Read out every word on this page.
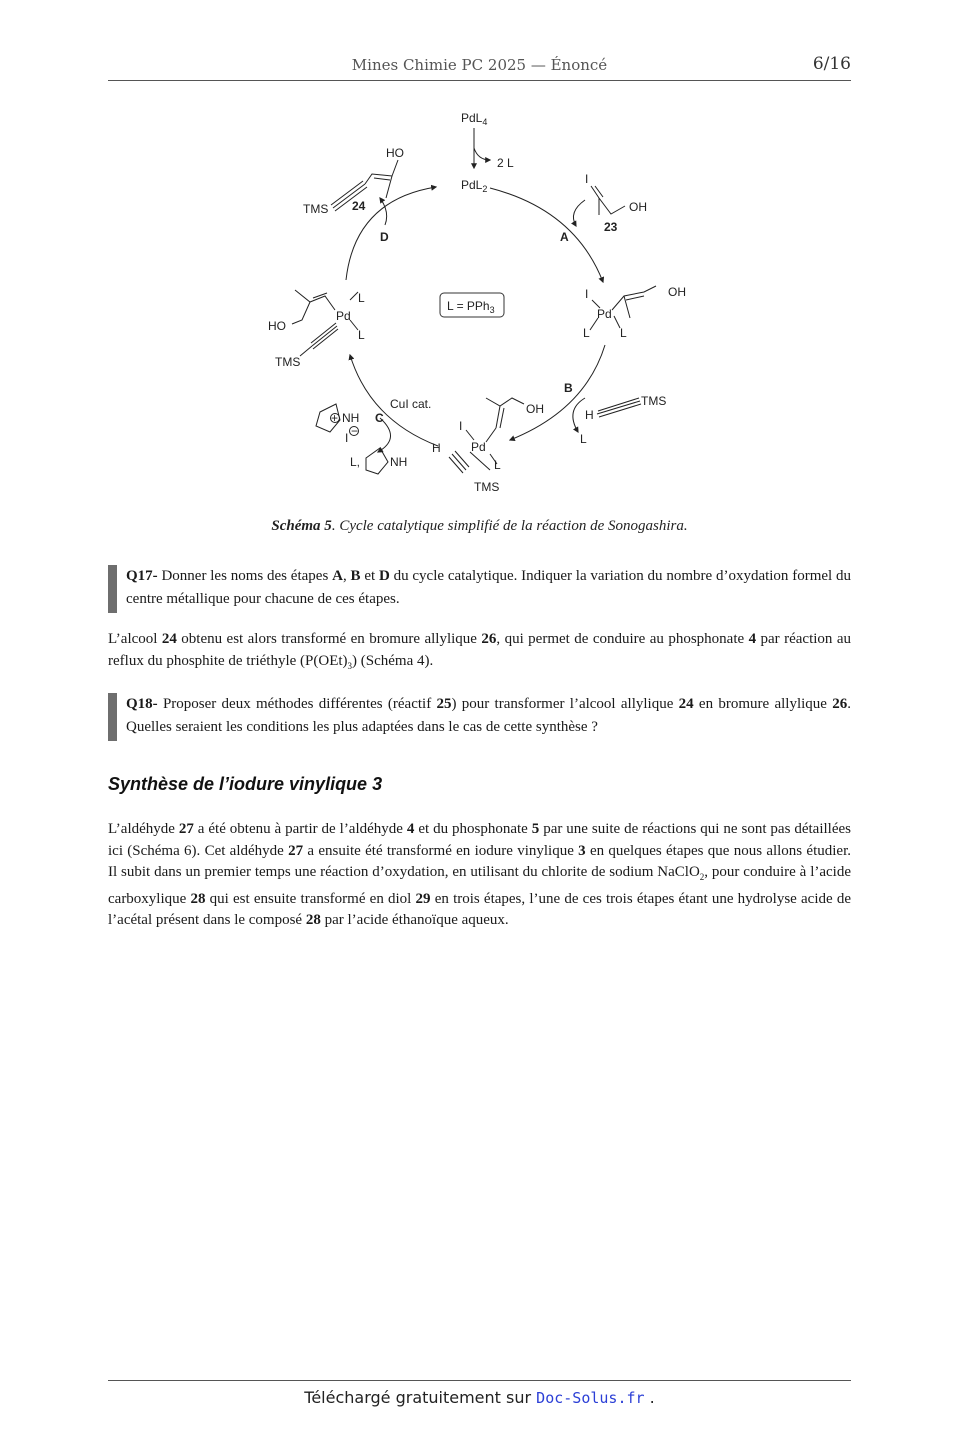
Mines Chimie PC 2025 — Énoncé	6/16
PdL$_4$
2 L
PdL$_2$
I
OH
23
A
I
Pd
OH
L	L
L = PPh$_3$
B
H
TMS
L
OH
I
Pd
H
L
TMS
CuI cat.
C
+ NH
−
I
L, NH
Pd
L
L
HO
TMS
D
HO
TMS 24
Schéma 5. Cycle catalytique simplifié de la réaction de Sonogashira.
Q17- Donner les noms des étapes A, B et D du cycle catalytique. Indiquer la variation du nombre d’oxydation formel du centre métallique pour chacune de ces étapes.
L’alcool 24 obtenu est alors transformé en bromure allylique 26, qui permet de conduire au phosphonate 4 par réaction au reflux du phosphite de triéthyle $(P(OEt)_3)$ (Schéma 4).
Q18- Proposer deux méthodes différentes (réactif 25) pour transformer l’alcool allylique 24 en bromure allylique 26. Quelles seraient les conditions les plus adaptées dans le cas de cette synthèse ?
Synthèse de l’iodure vinylique 3
L’aldéhyde 27 a été obtenu à partir de l’aldéhyde 4 et du phosphonate 5 par une suite de réactions qui ne sont pas détaillées ici (Schéma 6). Cet aldéhyde 27 a ensuite été transformé en iodure vinylique 3 en quelques étapes que nous allons étudier. Il subit dans un premier temps une réaction d’oxydation, en utilisant du chlorite de sodium NaClO$_2$, pour conduire à l’acide carboxylique 28 qui est ensuite transformé en diol 29 en trois étapes, l’une de ces trois étapes étant une hydrolyse acide de l’acétal présent dans le composé 28 par l’acide éthanoïque aqueux.
Téléchargé gratuitement sur Doc-Solus.fr .
